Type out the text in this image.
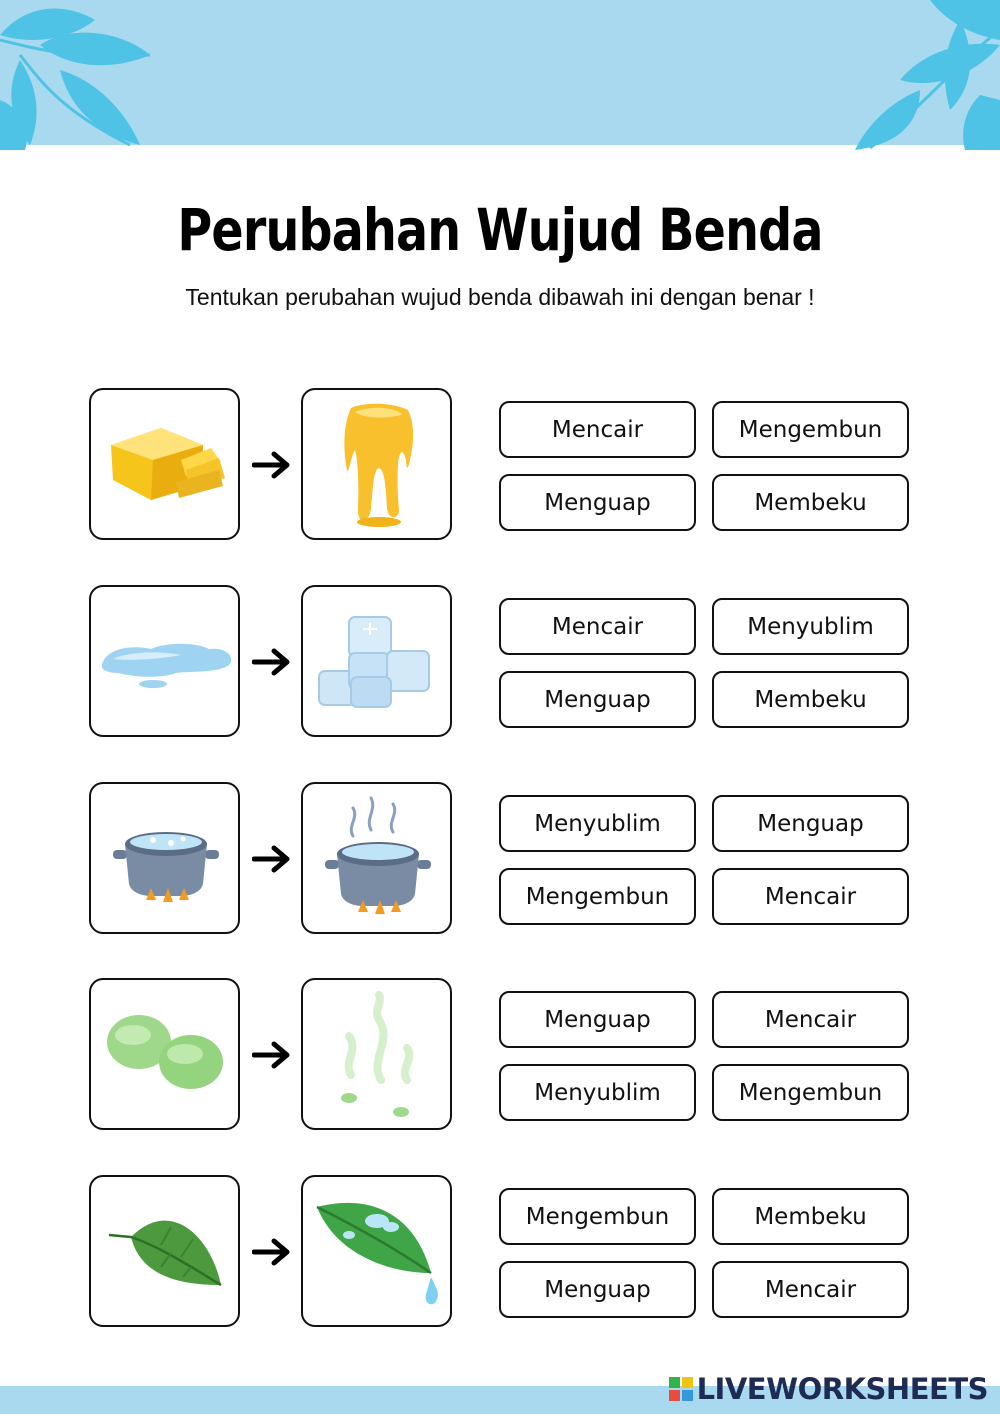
Perubahan Wujud Benda
Tentukan perubahan wujud benda dibawah ini dengan benar !
Mencair	Mengembun
Menguap	Membeku
Mencair	Menyublim
Menguap	Membeku
Menyublim	Menguap
Mengembun	Mencair
Menguap	Mencair
Menyublim	Mengembun
Mengembun	Membeku
Menguap	Mencair
LIVEWORKSHEETS
